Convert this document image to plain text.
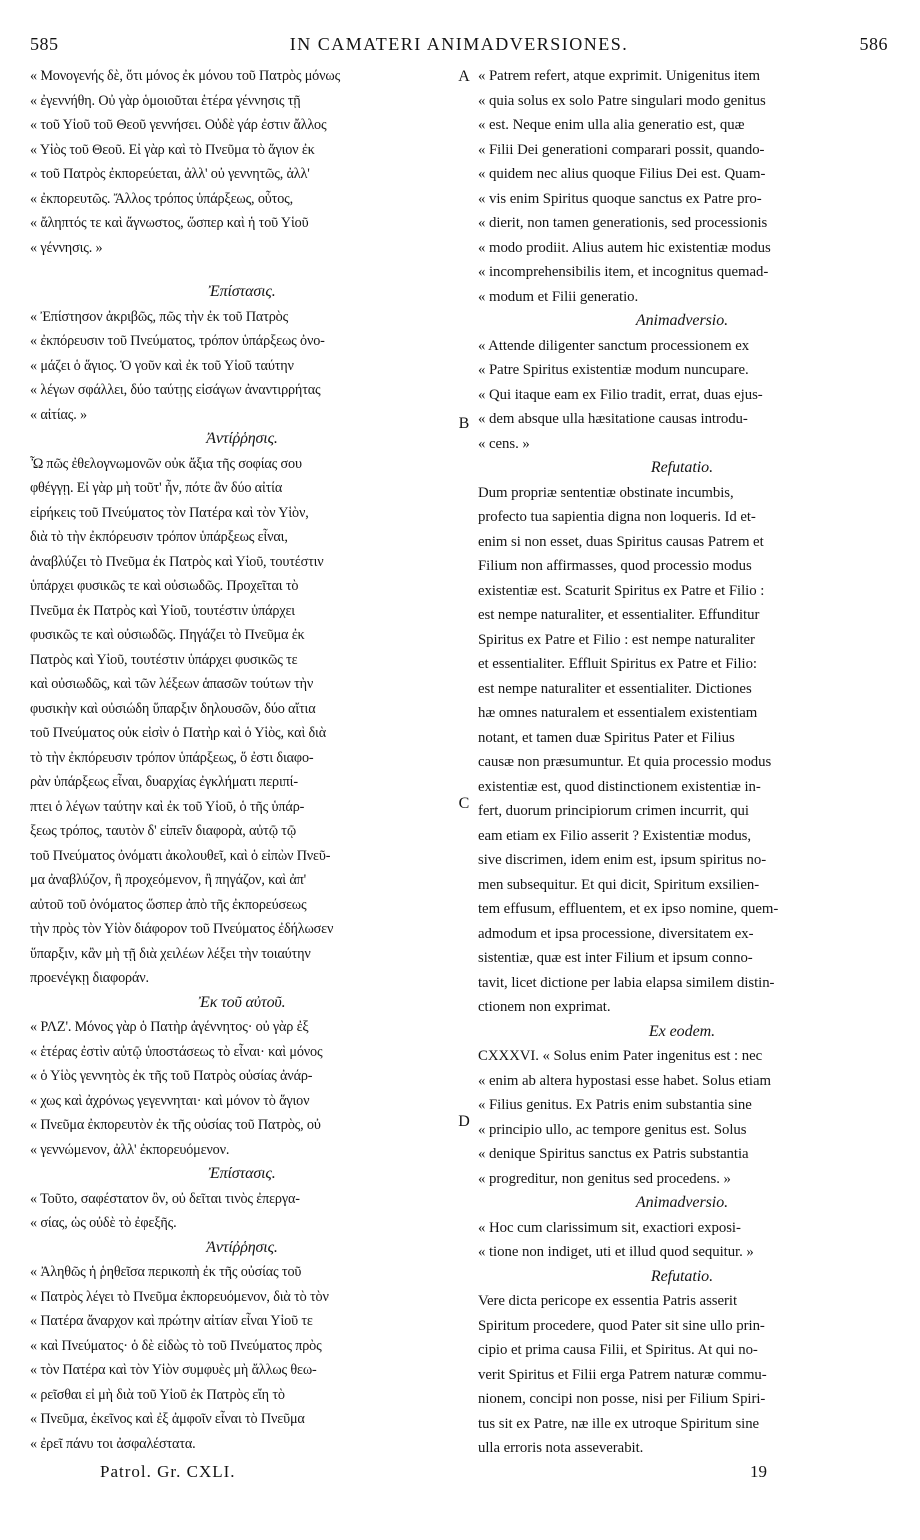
585	IN CAMATERI ANIMADVERSIONES.	586
« Μονογενής δὲ, ὅτι μόνος ἐκ μόνου τοῦ Πατρὸς μόνως
« ἐγεννήθη. Οὐ γὰρ ὁμοιοῦται ἑτέρα γέννησις τῇ
« τοῦ Υἱοῦ τοῦ Θεοῦ γεννήσει. Οὐδὲ γάρ ἐστιν ἄλλος
« Υἱὸς τοῦ Θεοῦ. Εἰ γὰρ καὶ τὸ Πνεῦμα τὸ ἅγιον ἐκ
« τοῦ Πατρὸς ἐκπορεύεται, ἀλλ' οὐ γεννητῶς, ἀλλ'
« ἐκπορευτῶς. Ἄλλος τρόπος ὑπάρξεως, οὗτος,
« ἄληπτός τε καὶ ἄγνωστος, ὥσπερ καὶ ἡ τοῦ Υἱοῦ
« γέννησις. »
Ἐπίστασις.
« Ἐπίστησον ἀκριβῶς, πῶς τὴν ἐκ τοῦ Πατρὸς
« ἐκπόρευσιν τοῦ Πνεύματος, τρόπον ὑπάρξεως ὀνο-
« μάζει ὁ ἅγιος. Ὁ γοῦν καὶ ἐκ τοῦ Υἱοῦ ταύτην
« λέγων σφάλλει, δύο ταύτῃς εἰσάγων ἀναντιρρήτας
« αἰτίας. »
Ἀντίῤῥησις.
Ὦ πῶς ἐθελογνωμονῶν οὐκ ἄξια τῆς σοφίας σου
φθέγγῃ. Εἰ γὰρ μὴ τοῦτ' ἦν, πότε ἂν δύο αἰτία
εἰρήκεις τοῦ Πνεύματος τὸν Πατέρα καὶ τὸν Υἱὸν,
διὰ τὸ τὴν ἐκπόρευσιν τρόπον ὑπάρξεως εἶναι,
ἀναβλύζει τὸ Πνεῦμα ἐκ Πατρὸς καὶ Υἱοῦ, τουτέστιν
ὑπάρχει φυσικῶς τε καὶ οὐσιωδῶς. Προχεῖται τὸ
Πνεῦμα ἐκ Πατρὸς καὶ Υἱοῦ, τουτέστιν ὑπάρχει
φυσικῶς τε καὶ οὐσιωδῶς. Πηγάζει τὸ Πνεῦμα ἐκ
Πατρὸς καὶ Υἱοῦ, τουτέστιν ὑπάρχει φυσικῶς τε
καὶ οὐσιωδῶς, καὶ τῶν λέξεων ἁπασῶν τούτων τὴν
φυσικὴν καὶ οὐσιώδη ὕπαρξιν δηλουσῶν, δύο αἴτια
τοῦ Πνεύματος οὐκ εἰσὶν ὁ Πατὴρ καὶ ὁ Υἱὸς, καὶ διὰ
τὸ τὴν ἐκπόρευσιν τρόπον ὑπάρξεως, ὅ ἐστι διαφο-
ρὰν ὑπάρξεως εἶναι, δυαρχίας ἐγκλήματι περιπί-
πτει ὁ λέγων ταύτην καὶ ἐκ τοῦ Υἱοῦ, ὁ τῆς ὑπάρ-
ξεως τρόπος, ταυτὸν δ' εἰπεῖν διαφορὰ, αὐτῷ τῷ
τοῦ Πνεύματος ὀνόματι ἀκολουθεῖ, καὶ ὁ εἰπὼν Πνεῦ-
μα ἀναβλύζον, ἢ προχεόμενον, ἢ πηγάζον, καὶ ἀπ'
αὐτοῦ τοῦ ὀνόματος ὥσπερ ἀπὸ τῆς ἐκπορεύσεως
τὴν πρὸς τὸν Υἱὸν διάφορον τοῦ Πνεύματος ἐδήλωσεν
ὕπαρξιν, κἂν μὴ τῇ διὰ χειλέων λέξει τὴν τοιαύτην
προενέγκῃ διαφοράν.
Ἐκ τοῦ αὐτοῦ.
« ΡΛΖ'. Μόνος γὰρ ὁ Πατὴρ ἀγέννητος· οὐ γὰρ ἐξ
« ἑτέρας ἐστὶν αὐτῷ ὑποστάσεως τὸ εἶναι· καὶ μόνος
« ὁ Υἱὸς γεννητὸς ἐκ τῆς τοῦ Πατρὸς οὐσίας ἀνάρ-
« χως καὶ ἀχρόνως γεγεννηται· καὶ μόνον τὸ ἅγιον
« Πνεῦμα ἐκπορευτὸν ἐκ τῆς οὐσίας τοῦ Πατρὸς, οὐ
« γεννώμενον, ἀλλ' ἐκπορευόμενον.
Ἐπίστασις.
« Τοῦτο, σαφέστατον ὂν, οὐ δεῖται τινὸς ἐπεργα-
« σίας, ὡς οὐδὲ τὸ ἐφεξῆς.
Ἀντίῤῥησις.
« Ἀληθῶς ἡ ῥηθεῖσα περικοπὴ ἐκ τῆς οὐσίας τοῦ
« Πατρὸς λέγει τὸ Πνεῦμα ἐκπορευόμενον, διὰ τὸ τὸν
« Πατέρα ἄναρχον καὶ πρώτην αἰτίαν εἶναι Υἱοῦ τε
« καὶ Πνεύματος· ὁ δὲ εἰδὼς τὸ τοῦ Πνεύματος πρὸς
« τὸν Πατέρα καὶ τὸν Υἱὸν συμφυὲς μὴ ἄλλως θεω-
« ρεῖσθαι εἰ μὴ διὰ τοῦ Υἱοῦ ἐκ Πατρὸς εἴη τὸ
« Πνεῦμα, ἐκεῖνος καὶ ἐξ ἀμφοῖν εἶναι τὸ Πνεῦμα
« ἐρεῖ πάνυ τοι ἀσφαλέστατα.
« Patrem refert, atque exprimit. Unigenitus item
« quia solus ex solo Patre singulari modo genitus
« est. Neque enim ulla alia generatio est, quæ
« Filii Dei generationi comparari possit, quando-
« quidem nec alius quoque Filius Dei est. Quam-
« vis enim Spiritus quoque sanctus ex Patre pro-
« dierit, non tamen generationis, sed processionis
« modo prodiit. Alius autem hic existentiæ modus
« incomprehensibilis item, et incognitus quemad-
« modum et Filii generatio.
Animadversio.
« Attende diligenter sanctum processionem ex
« Patre Spiritus existentiæ modum nuncupare.
« Qui itaque eam ex Filio tradit, errat, duas ejus-
« dem absque ulla hæsitatione causas introdu-
« cens. »
Refutatio.
Dum propriæ sententiæ obstinate incumbis,
profecto tua sapientia digna non loqueris. Id et-
enim si non esset, duas Spiritus causas Patrem et
Filium non affirmasses, quod processio modus
existentiæ est. Scaturit Spiritus ex Patre et Filio :
est nempe naturaliter, et essentialiter. Effunditur
Spiritus ex Patre et Filio : est nempe naturaliter
et essentialiter. Effluit Spiritus ex Patre et Filio:
est nempe naturaliter et essentialiter. Dictiones
hæ omnes naturalem et essentialem existentiam
notant, et tamen duæ Spiritus Pater et Filius
causæ non præsumuntur. Et quia processio modus
existentiæ est, quod distinctionem existentiæ in-
fert, duorum principiorum crimen incurrit, qui
eam etiam ex Filio asserit ? Existentiæ modus,
sive discrimen, idem enim est, ipsum spiritus no-
men subsequitur. Et qui dicit, Spiritum exsilien-
tem effusum, effluentem, et ex ipso nomine, quem-
admodum et ipsa processione, diversitatem ex-
sistentiæ, quæ est inter Filium et ipsum conno-
tavit, licet dictione per labia elapsa similem distin-
ctionem non exprimat.
Ex eodem.
CXXXVI. « Solus enim Pater ingenitus est : nec
« enim ab altera hypostasi esse habet. Solus etiam
« Filius genitus. Ex Patris enim substantia sine
« principio ullo, ac tempore genitus est. Solus
« denique Spiritus sanctus ex Patris substantia
« progreditur, non genitus sed procedens. »
Animadversio.
« Hoc cum clarissimum sit, exactiori exposi-
« tione non indiget, uti et illud quod sequitur. »
Refutatio.
Vere dicta pericope ex essentia Patris asserit
Spiritum procedere, quod Pater sit sine ullo prin-
cipio et prima causa Filii, et Spiritus. At qui no-
verit Spiritus et Filii erga Patrem naturæ commu-
nionem, concipi non posse, nisi per Filium Spiri-
tus sit ex Patre, næ ille ex utroque Spiritum sine
ulla erroris nota asseverabit.
A
B
C
D
Patrol. Gr. CXLI.	19
